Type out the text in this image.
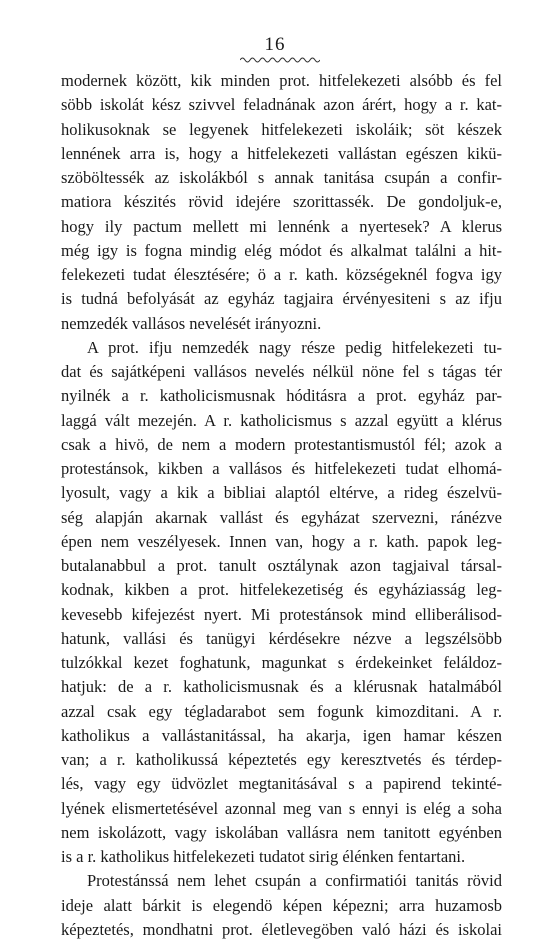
16
modernek között, kik minden prot. hitfelekezeti alsóbb és fel
söbb iskolát kész szivvel feladnának azon árért, hogy a r. kat-
holikusoknak se legyenek hitfelekezeti iskoláik; söt készek
lennének arra is, hogy a hitfelekezeti vallástan egészen kikü-
szöböltessék az iskolákból s annak tanitása csupán a confir-
matiora készités rövid idejére szorittassék. De gondoljuk-e,
hogy ily pactum mellett mi lennénk a nyertesek? A klerus
még igy is fogna mindig elég módot és alkalmat találni a hit-
felekezeti tudat élesztésére; ö a r. kath. községeknél fogva igy
is tudná befolyását az egyház tagjaira érvényesiteni s az ifju
nemzedék vallásos nevelését irányozni.
A prot. ifju nemzedék nagy része pedig hitfelekezeti tu-
dat és sajátképeni vallásos nevelés nélkül nöne fel s tágas tér
nyilnék a r. katholicismusnak hóditásra a prot. egyház par-
laggá vált mezején. A r. katholicismus s azzal együtt a klérus
csak a hivö, de nem a modern protestantismustól fél; azok a
protestánsok, kikben a vallásos és hitfelekezeti tudat elhomá-
lyosult, vagy a kik a bibliai alaptól eltérve, a rideg észelvü-
ség alapján akarnak vallást és egyházat szervezni, ránézve
épen nem veszélyesek. Innen van, hogy a r. kath. papok leg-
butalanabbul a prot. tanult osztálynak azon tagjaival társal-
kodnak, kikben a prot. hitfelekezetiség és egyháziasság leg-
kevesebb kifejezést nyert. Mi protestánsok mind elliberálisod-
hatunk, vallási és tanügyi kérdésekre nézve a legszélsöbb
tulzókkal kezet foghatunk, magunkat s érdekeinket feláldoz-
hatjuk: de a r. katholicismusnak és a klérusnak hatalmából
azzal csak egy tégladarabot sem fogunk kimozditani. A r.
katholikus a vallástanitással, ha akarja, igen hamar készen
van; a r. katholikussá képeztetés egy keresztvetés és térdep-
lés, vagy egy üdvözlet megtanitásával s a papirend tekinté-
lyének elismertetésével azonnal meg van s ennyi is elég a soha
nem iskolázott, vagy iskolában vallásra nem tanitott egyénben
is a r. katholikus hitfelekezeti tudatot sirig élénken fentartani.
Protestánssá nem lehet csupán a confirmatiói tanitás rövid
ideje alatt bárkit is elegendö képen képezni; arra huzamosb
képeztetés, mondhatni prot. életlevegöben való házi és iskolai
